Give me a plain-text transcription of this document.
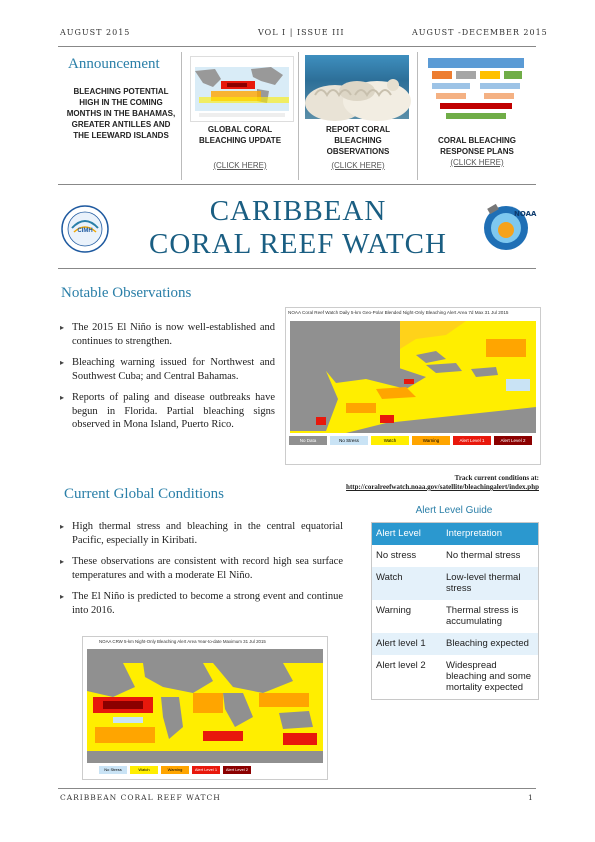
AUGUST 2015	VOL I | ISSUE III	AUGUST -DECEMBER 2015
Announcement
BLEACHING POTENTIAL HIGH IN THE COMING MONTHS IN THE BAHAMAS, GREATER ANTILLES AND THE LEEWARD ISLANDS
GLOBAL CORAL BLEACHING UPDATE
(CLICK HERE)
REPORT CORAL BLEACHING OBSERVATIONS
(CLICK HERE)
CORAL BLEACHING RESPONSE PLANS
(CLICK HERE)
CIMH
CARIBBEAN
CORAL REEF WATCH
NOAA
Notable Observations
▸ The 2015 El Niño is now well-established and continues to strengthen.
▸ Bleaching warning issued for Northwest and Southwest Cuba; and Central Bahamas.
▸ Reports of paling and disease outbreaks have begun in Florida. Partial bleaching signs observed in Mona Island, Puerto Rico.
NOAA Coral Reef Watch Daily 5-km Geo-Polar Blended Night-Only Bleaching Alert Area 7d Max 31 Jul 2015
No Data	No Stress	Watch	Warning	Alert Level 1	Alert Level 2
Track current conditions at: http://coralreefwatch.noaa.gov/satellite/bleachingalert/index.php
Current Global Conditions
▸ High thermal stress and bleaching in the central equatorial Pacific, especially in Kiribati.
▸ These observations are consistent with record high sea surface temperatures and with a moderate El Niño.
▸ The El Niño is predicted to become a strong event and continue into 2016.
NOAA CRW 5-km Night-Only Bleaching Alert Area Year-to-date Maximum 31 Jul 2015
No Stress	Watch	Warning	Alert Level 1	Alert Level 2
Alert Level Guide
Alert Level	Interpretation
No stress	No thermal stress
Watch	Low-level thermal stress
Warning	Thermal stress is accumulating
Alert level 1	Bleaching expected
Alert level 2	Widespread bleaching and some mortality expected
CARIBBEAN CORAL REEF WATCH	1
